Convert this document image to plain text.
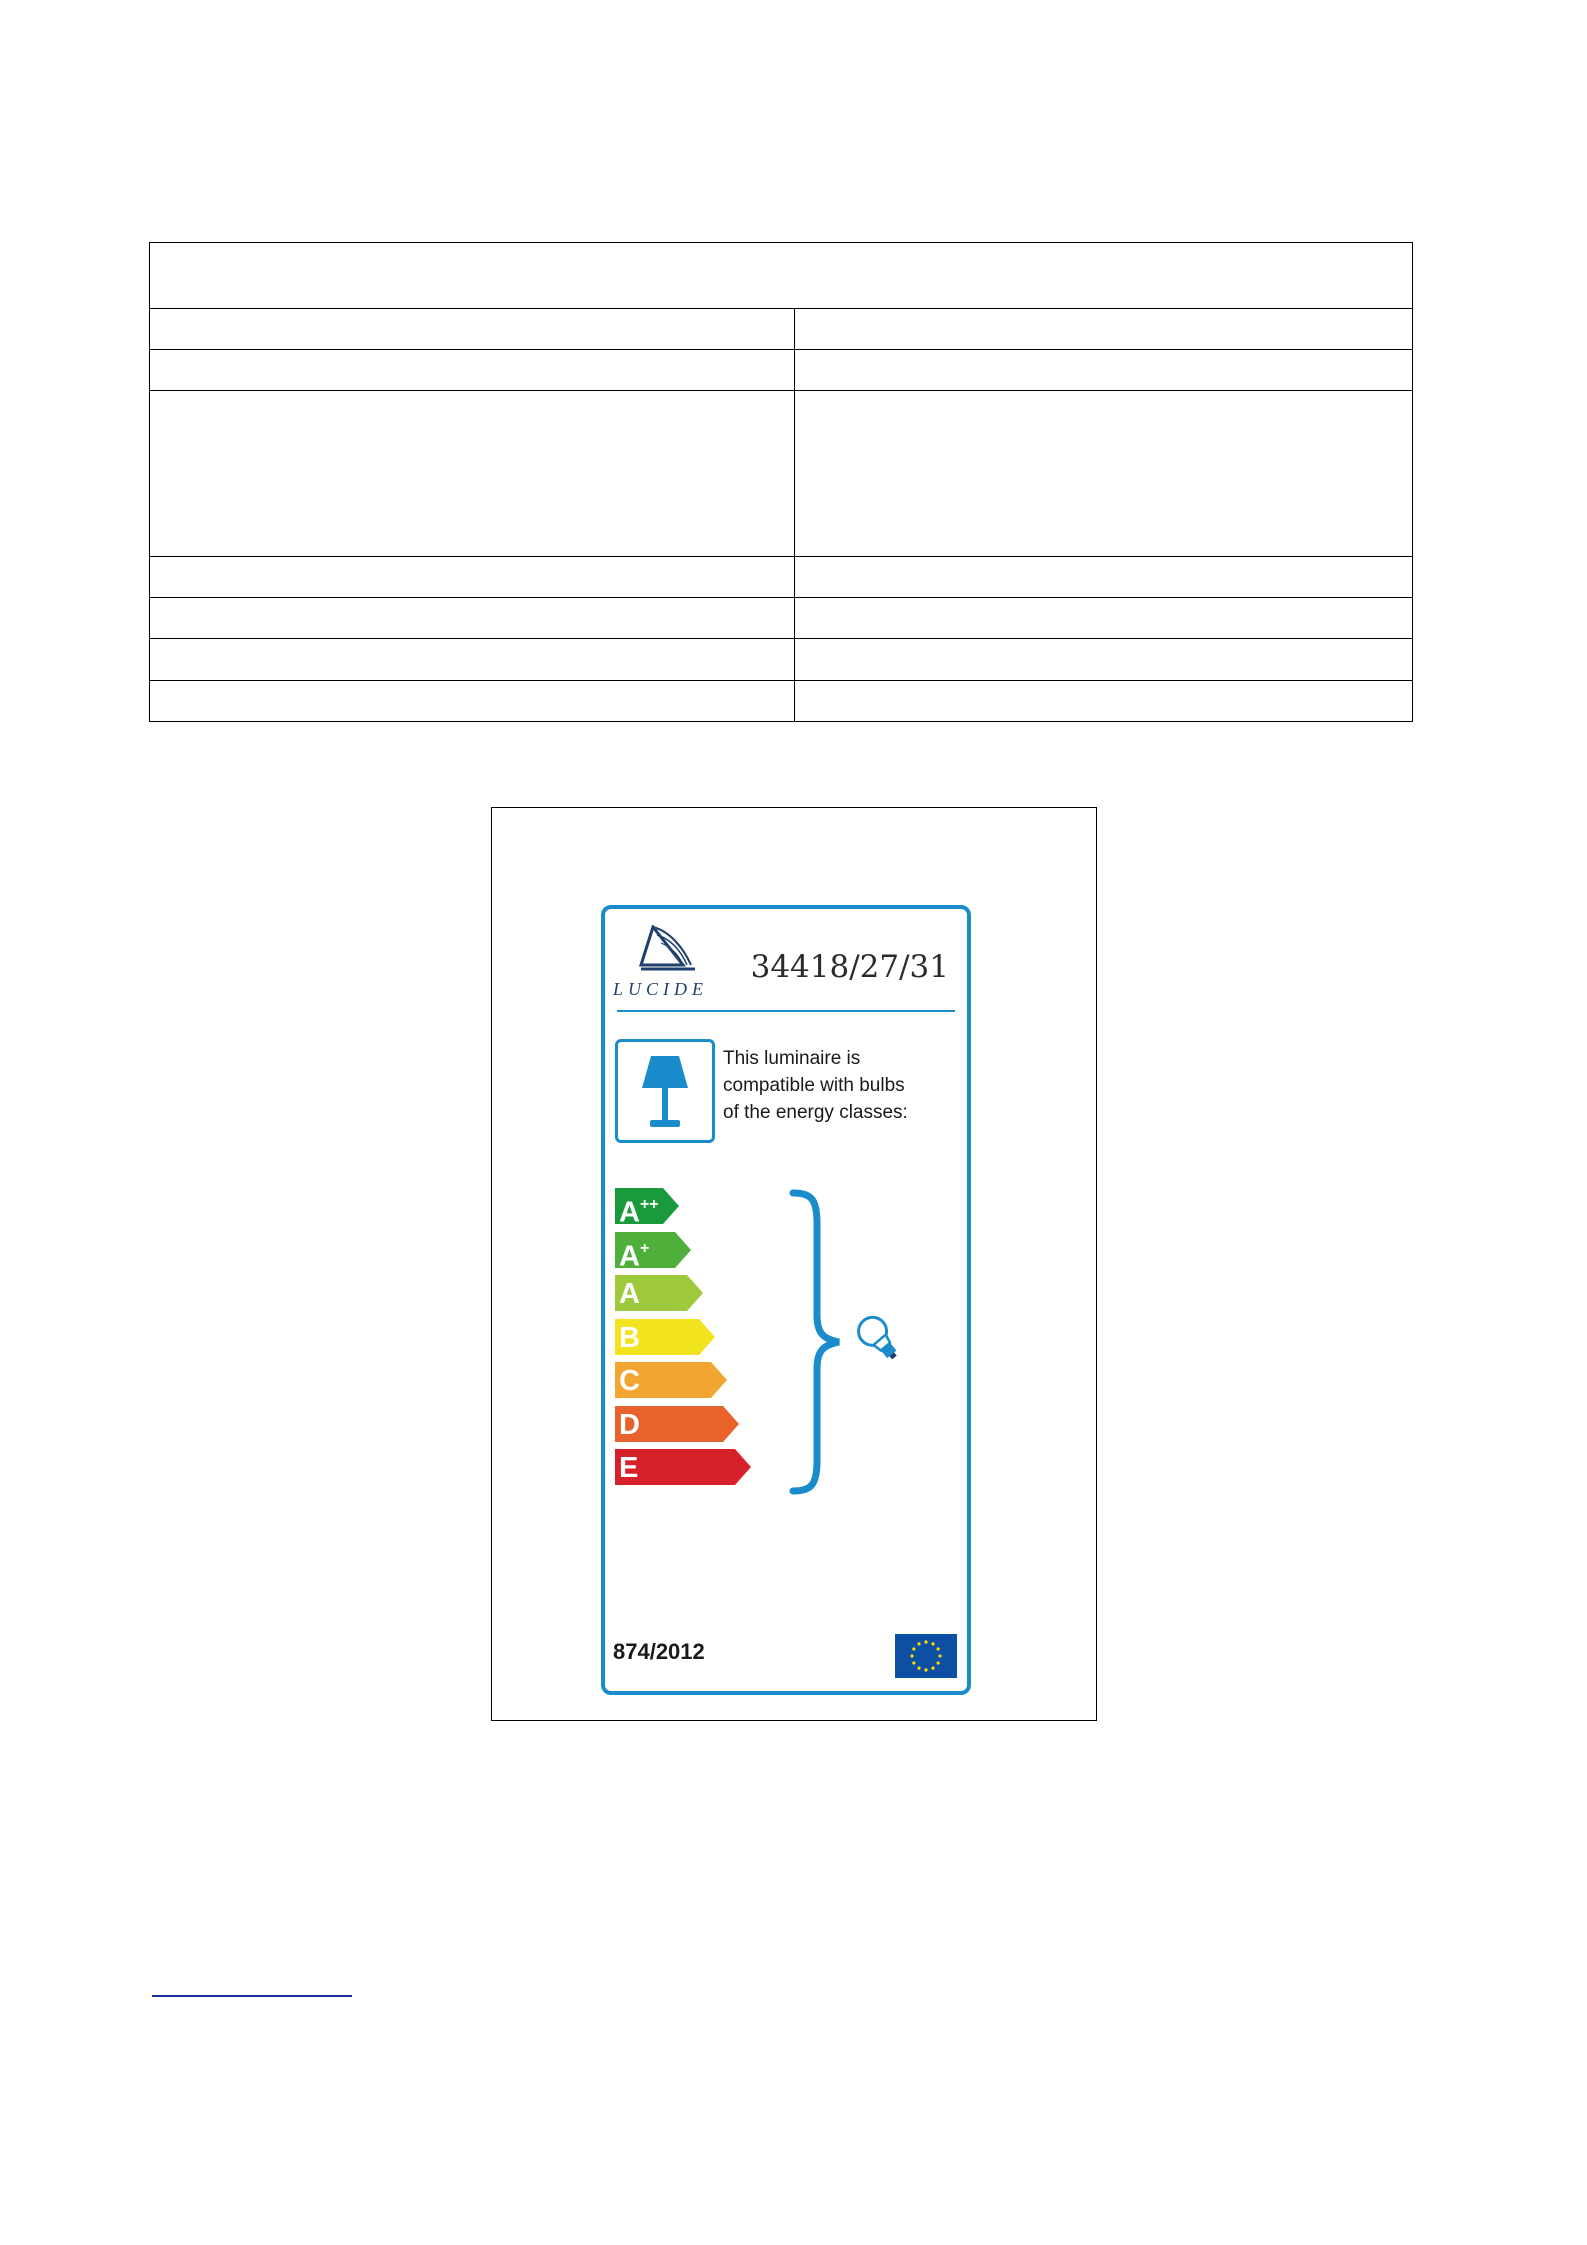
LUCIDE
34418/27/31
This luminaire is
compatible with bulbs
of the energy classes:
A++
A+
A
B
C
D
E
874/2012
